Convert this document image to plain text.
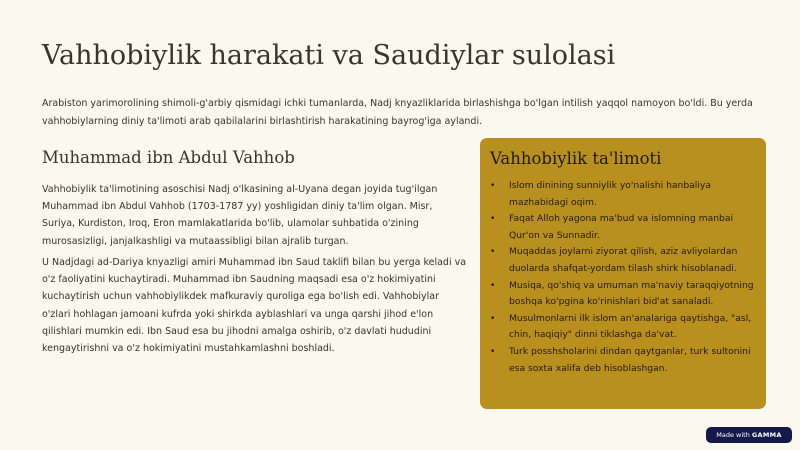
Vahhobiylik harakati va Saudiylar sulolasi

Arabiston yarimorolining shimoli-g'arbiy qismidagi ichki tumanlarda, Nadj knyazliklarida birlashishga bo'lgan intilish yaqqol namoyon bo'ldi. Bu yerda vahhobiylarning diniy ta'limoti arab qabilalarini birlashtirish harakatining bayrog'iga aylandi.

Muhammad ibn Abdul Vahhob

Vahhobiylik ta'limotining asoschisi Nadj o'lkasining al-Uyana degan joyida tug'ilgan Muhammad ibn Abdul Vahhob (1703-1787 yy) yoshligidan diniy ta'lim olgan. Misr, Suriya, Kurdiston, Iroq, Eron mamlakatlarida bo'lib, ulamolar suhbatida o'zining murosasizligi, janjalkashligi va mutaassibligi bilan ajralib turgan.

U Nadjdagi ad-Dariya knyazligi amiri Muhammad ibn Saud taklifi bilan bu yerga keladi va o'z faoliyatini kuchaytiradi. Muhammad ibn Saudning maqsadi esa o'z hokimiyatini kuchaytirish uchun vahhobiylikdek mafkuraviy quroliga ega bo'lish edi. Vahhobiylar o'zlari hohlagan jamoani kufrda yoki shirkda ayblashlari va unga qarshi jihod e'lon qilishlari mumkin edi. Ibn Saud esa bu jihodni amalga oshirib, o'z davlati hududini kengaytirishni va o'z hokimiyatini mustahkamlashni boshladi.

Vahhobiylik ta'limoti
• Islom dinining sunniylik yo'nalishi hanbaliya mazhabidagi oqim.
• Faqat Alloh yagona ma'bud va islomning manbai Qur'on va Sunnadir.
• Muqaddas joylarni ziyorat qilish, aziz avliyolardan duolarda shafqat-yordam tilash shirk hisoblanadi.
• Musiqa, qo'shiq va umuman ma'naviy taraqqiyotning boshqa ko'pgina ko'rinishlari bid'at sanaladi.
• Musulmonlarni ilk islom an'analariga qaytishga, "asl, chin, haqiqiy" dinni tiklashga da'vat.
• Turk posshsholarini dindan qaytganlar, turk sultonini esa soxta xalifa deb hisoblashgan.
Made with GAMMA
